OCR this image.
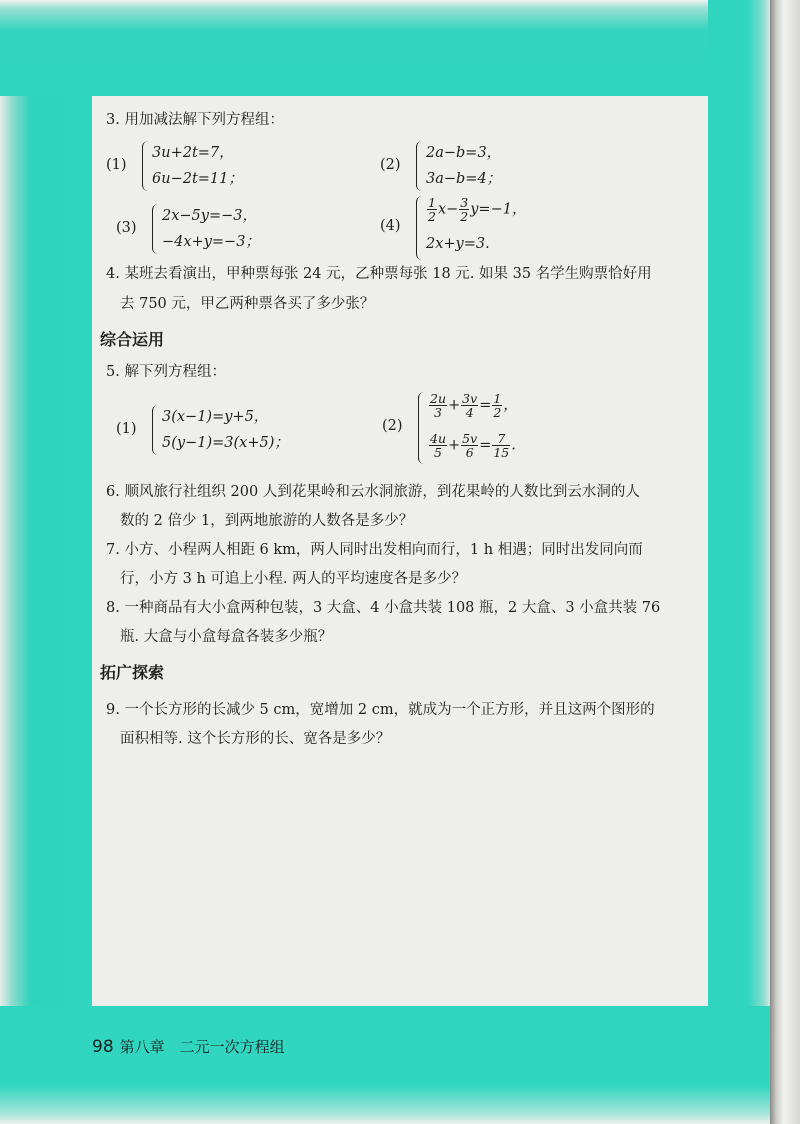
3. 用加减法解下列方程组：
(1)
3u+2t=7，
6u−2t=11；
(2)
2a−b=3，
3a−b=4；
(3)
2x−5y=−3，
−4x+y=−3；
(4)
$\frac{1}{2} x- \frac{3}{2} y=-1$，
2x+y=3.
4. 某班去看演出，甲种票每张 24 元，乙种票每张 18 元. 如果 35 名学生购票恰好用
去 750 元，甲乙两种票各买了多少张？
综合运用
5. 解下列方程组：
(1)
3(x−1)=y+5，
5(y−1)=3(x+5)；
(2)
$\frac{2u}{3} + \frac{3v}{4} = \frac{1}{2}$ ，
$\frac{4u}{5} + \frac{5v}{6} = \frac{7}{15}$ .
6. 顺风旅行社组织 200 人到花果岭和云水洞旅游，到花果岭的人数比到云水洞的人
数的 2 倍少 1，到两地旅游的人数各是多少？
7. 小方、小程两人相距 6 km，两人同时出发相向而行，1 h 相遇；同时出发同向而
行，小方 3 h 可追上小程. 两人的平均速度各是多少？
8. 一种商品有大小盒两种包装，3 大盒、4 小盒共装 108 瓶，2 大盒、3 小盒共装 76
瓶. 大盒与小盒每盒各装多少瓶？
拓广探索
9. 一个长方形的长减少 5 cm，宽增加 2 cm，就成为一个正方形，并且这两个图形的
面积相等. 这个长方形的长、宽各是多少？
98 第八章　二元一次方程组
